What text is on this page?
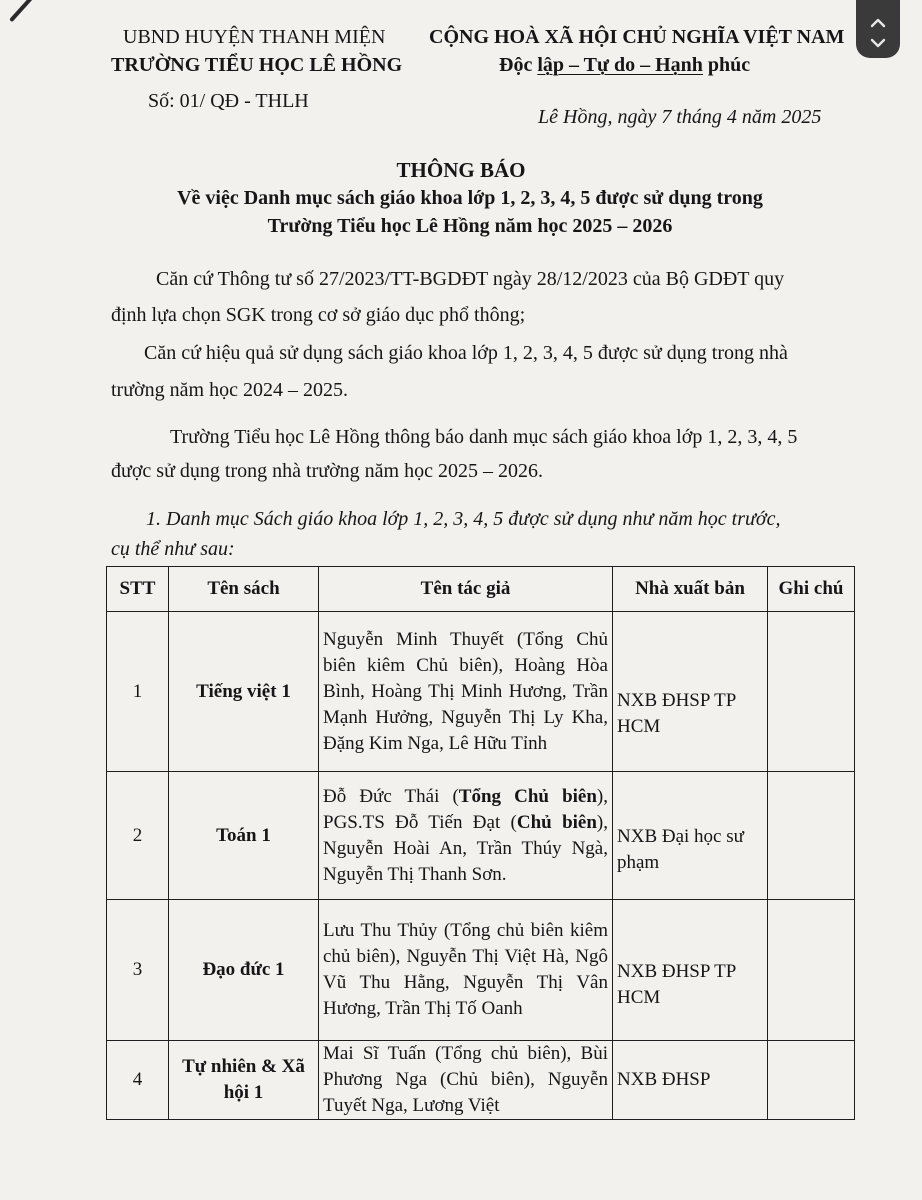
UBND HUYỆN THANH MIỆN
TRƯỜNG TIỂU HỌC LÊ HỒNG
Số: 01/ QĐ - THLH
CỘNG HOÀ XÃ HỘI CHỦ NGHĨA VIỆT NAM
Độc lập – Tự do – Hạnh phúc
Lê Hồng, ngày 7 tháng 4 năm 2025
THÔNG BÁO
Về việc Danh mục sách giáo khoa lớp 1, 2, 3, 4, 5 được sử dụng trong
Trường Tiểu học Lê Hồng năm học 2025 – 2026
Căn cứ Thông tư số 27/2023/TT-BGDĐT ngày 28/12/2023 của Bộ GDĐT quy
định lựa chọn SGK trong cơ sở giáo dục phổ thông;
Căn cứ hiệu quả sử dụng sách giáo khoa lớp 1, 2, 3, 4, 5 được sử dụng trong nhà
trường năm học 2024 – 2025.
Trường Tiểu học Lê Hồng thông báo danh mục sách giáo khoa lớp 1, 2, 3, 4, 5
được sử dụng trong nhà trường năm học 2025 – 2026.
1. Danh mục Sách giáo khoa lớp 1, 2, 3, 4, 5 được sử dụng như năm học trước,
cụ thể như sau:
STT	Tên sách	Tên tác giả	Nhà xuất bản	Ghi chú
1	Tiếng việt 1	Nguyễn Minh Thuyết (Tổng Chủ biên kiêm Chủ biên), Hoàng Hòa Bình, Hoàng Thị Minh Hương, Trần Mạnh Hưởng, Nguyễn Thị Ly Kha, Đặng Kim Nga, Lê Hữu Tỉnh	NXB ĐHSP TP HCM	
2	Toán 1	Đỗ Đức Thái (Tổng Chủ biên), PGS.TS Đỗ Tiến Đạt (Chủ biên), Nguyễn Hoài An, Trần Thúy Ngà, Nguyễn Thị Thanh Sơn.	NXB Đại học sư phạm	
3	Đạo đức 1	Lưu Thu Thủy (Tổng chủ biên kiêm chủ biên), Nguyễn Thị Việt Hà, Ngô Vũ Thu Hằng, Nguyễn Thị Vân Hương, Trần Thị Tố Oanh	NXB ĐHSP TP HCM	
4	Tự nhiên & Xã hội 1	Mai Sĩ Tuấn (Tổng chủ biên), Bùi Phương Nga (Chủ biên), Nguyễn Tuyết Nga, Lương Việt	NXB ĐHSP	
